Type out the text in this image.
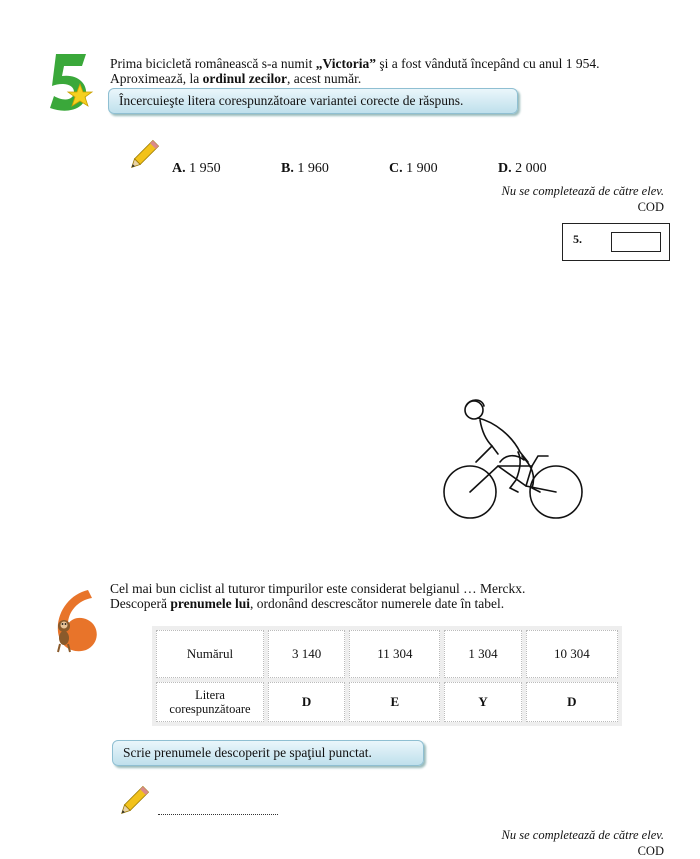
Prima bicicletă românească s-a numit „Victoria” şi a fost vândută începând cu anul 1 954.
Aproximează, la ordinul zecilor, acest număr.
Încercuieşte litera corespunzătoare variantei corecte de răspuns.
A. 1 950	B. 1 960	C. 1 900	D. 2 000
Nu se completează de către elev.
COD
5.
Cel mai bun ciclist al tuturor timpurilor este considerat belgianul … Merckx.
Descoperă prenumele lui, ordonând descrescător numerele date în tabel.
Numărul	3 140	11 304	1 304	10 304
Litera corespunzătoare	D	E	Y	D
Scrie prenumele descoperit pe spaţiul punctat.
Nu se completează de către elev.
COD
